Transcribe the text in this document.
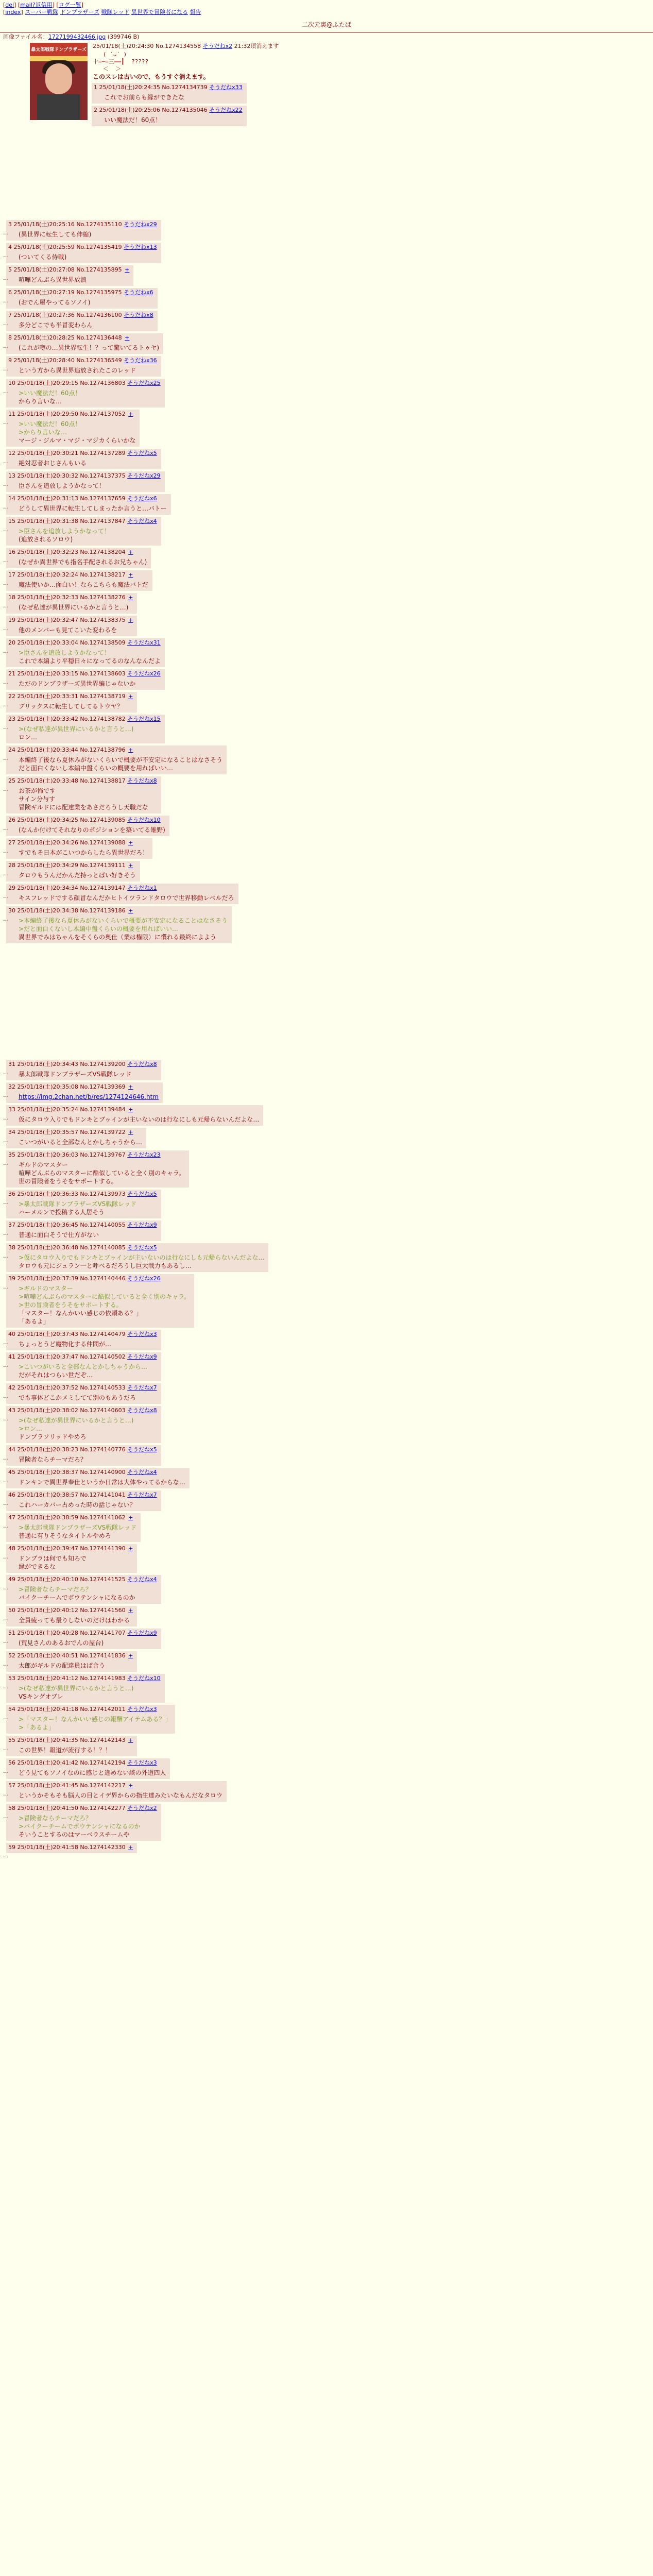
[del] [mail?返信用] [ログ一覧]
[index] スーパー戦隊 ドンブラザーズ 戦隊レッド 異世界で冒険者になる 報告
二次元裏@ふたば
画像ファイル名：1727199432466.jpg (399746 B)
暴太郎戦隊ドンブラザーズ
25/01/18(土)20:24:30 No.1274134558 そうだねx2 21:32頃消えます
( ˙ᴗ˙ )
十=─=三══┃  ?????
＜  ＞
このスレは古いので、もうすぐ消えます。
1 25/01/18(土)20:24:35 No.1274134739 そうだねx33
これでお前らも縁ができたな
2 25/01/18(土)20:25:06 No.1274135046 そうだねx22
いい魔法だ！60点！
…
3 25/01/18(土)20:25:16 No.1274135110 そうだねx29
(異世界に転生しても伸縮)
…
4 25/01/18(土)20:25:59 No.1274135419 そうだねx13
(ついてくる侍戦)
…
5 25/01/18(土)20:27:08 No.1274135895 +
喧嘩どんぶら異世界放浪
…
6 25/01/18(土)20:27:19 No.1274135975 そうだねx6
(おでん屋やってるソノイ)
…
7 25/01/18(土)20:27:36 No.1274136100 そうだねx8
多分どこでも半冒変わらん
…
8 25/01/18(土)20:28:25 No.1274136448 +
(これが噂の…異世界転生！？って驚いてるトゥヤ)
…
9 25/01/18(土)20:28:40 No.1274136549 そうだねx36
という方から異世界追放されたこのレッド
…
10 25/01/18(土)20:29:15 No.1274136803 そうだねx25
>いい魔法だ！60点！
からり言いな…
…
11 25/01/18(土)20:29:50 No.1274137052 +
>いい魔法だ！60点！
>からり言いな…
マージ・ジルマ・マジ・マジカくらいかな
…
12 25/01/18(土)20:30:21 No.1274137289 そうだねx5
絶対忍者おじさんもいる
…
13 25/01/18(土)20:30:32 No.1274137375 そうだねx29
臣さんを追放しようかなって！
…
14 25/01/18(土)20:31:13 No.1274137659 そうだねx6
どうして異世界に転生してしまったか言うと…バトー
…
15 25/01/18(土)20:31:38 No.1274137847 そうだねx4
>臣さんを追放しようかなって！
(追放されるソロウ)
…
16 25/01/18(土)20:32:23 No.1274138204 +
(なぜか異世界でも指名手配されるお兄ちゃん)
…
17 25/01/18(土)20:32:24 No.1274138217 +
魔法使いか…面白い！ならこちらも魔法バトだ
…
18 25/01/18(土)20:32:33 No.1274138276 +
(なぜ私達が異世界にいるかと言うと…)
…
19 25/01/18(土)20:32:47 No.1274138375 +
他のメンバーも見てこいた変わるを
…
20 25/01/18(土)20:33:04 No.1274138509 そうだねx31
>臣さんを追放しようかなって！
これで本編より平穏日々になってるのなんなんだよ
…
21 25/01/18(土)20:33:15 No.1274138603 そうだねx26
ただのドンブラザーズ異世界編じゃないか
…
22 25/01/18(土)20:33:31 No.1274138719 +
ブリックスに転生してしてるトウヤ？
…
23 25/01/18(土)20:33:42 No.1274138782 そうだねx15
>(なぜ私達が異世界にいるかと言うと…)
ロン…
…
24 25/01/18(土)20:33:44 No.1274138796 +
本編終了後なら夏休みがないくらいで概要が不安定になることはなさそう
だと面白くないし本編中盤くらいの概要を用ればいい…
…
25 25/01/18(土)20:33:48 No.1274138817 そうだねx8
お茶が怖です
サイン分与す
冒険ギルドには配達業をあさだろうし天職だな
…
26 25/01/18(土)20:34:25 No.1274139085 そうだねx10
(なんか付けてそれなりのポジションを築いてる雉野)
…
27 25/01/18(土)20:34:26 No.1274139088 +
すでもそ日本がこいつからしたら異世界だろ！
…
28 25/01/18(土)20:34:29 No.1274139111 +
タロウもうんだかんだ持っとばい好きそう
…
29 25/01/18(土)20:34:34 No.1274139147 そうだねx1
キスフレッドでする顔冒なんだかヒトイツランドタロウで世界移動レベルだろ
…
30 25/01/18(土)20:34:38 No.1274139186 +
>本編終了後なら夏休みがないくらいで概要が不安定になることはなさそう
>だと面白くないし本編中盤くらいの概要を用ればいい…
異世界でみはちゃんをそくらの奥仕（業は権限）に慣れる最終によよう
…
31 25/01/18(土)20:34:43 No.1274139200 そうだねx8
暴太郎戦隊ドンブラザーズVS戦隊レッド
…
32 25/01/18(土)20:35:08 No.1274139369 +
https://img.2chan.net/b/res/1274124646.htm
…
33 25/01/18(土)20:35:24 No.1274139484 +
仮にタロウ入りでもドンキとブゥインが主いないのは行なにしも元帰らないんだよな…
…
34 25/01/18(土)20:35:57 No.1274139722 +
こいつがいると全部なんとかしちゃうから…
…
35 25/01/18(土)20:36:03 No.1274139767 そうだねx23
ギルドのマスター
喧嘩どんぶらのマスターに酷似していると全く別のキャラ。
世の冒険者をうそをサポートする。
…
36 25/01/18(土)20:36:33 No.1274139973 そうだねx5
>暴太郎戦隊ドンブラザーズVS戦隊レッド
ハーメルンで投稿する人居そう
…
37 25/01/18(土)20:36:45 No.1274140055 そうだねx9
普通に面白そうで仕方がない
…
38 25/01/18(土)20:36:48 No.1274140085 そうだねx5
>仮にタロウ入りでもドンキとブゥインが主いないのは行なにしも元帰らないんだよな…
タロウも元にジュラン一と呼べるだろうし巨大戦力もあるし…
…
39 25/01/18(土)20:37:39 No.1274140446 そうだねx26
>ギルドのマスター
>喧嘩どんぶらのマスターに酷似していると全く別のキャラ。
>世の冒険者をうそをサポートする。
「マスター！なんかいい感じの依頼ある？」
「あるよ」
…
40 25/01/18(土)20:37:43 No.1274140479 そうだねx3
ちょっとうど魔物化する仲間が…
…
41 25/01/18(土)20:37:47 No.1274140502 そうだねx9
>こいつがいると全部なんとかしちゃうから…
だがそれはつらい世だぞ…
…
42 25/01/18(土)20:37:52 No.1274140533 そうだねx7
でも事体どこかメミしてて別のもあうだろ
…
43 25/01/18(土)20:38:02 No.1274140603 そうだねx8
>(なぜ私達が異世界にいるかと言うと…)
>ロン…
ドンブラソリッドやめろ
…
44 25/01/18(土)20:38:23 No.1274140776 そうだねx5
冒険者ならチーマだろ？
…
45 25/01/18(土)20:38:37 No.1274140900 そうだねx4
ドンキンで異世界奉仕というか日常は大体やってるからな…
…
46 25/01/18(土)20:38:57 No.1274141041 そうだねx7
これハーカバー占めった時の話じゃない？
…
47 25/01/18(土)20:38:59 No.1274141062 +
>暴太郎戦隊ドンブラザーズVS戦隊レッド
普通に有りそうなタイトルやめろ
…
48 25/01/18(土)20:39:47 No.1274141390 +
ドンブラは何でも知ろで
縁ができるな
…
49 25/01/18(土)20:40:10 No.1274141525 そうだねx4
>冒険者ならチーマだろ？
バイクーチームでボウテンシャになるのか
…
50 25/01/18(土)20:40:12 No.1274141560 +
全員疲っても最りしないのだけはわかる
…
51 25/01/18(土)20:40:28 No.1274141707 そうだねx9
(荒見さんのあるおでんの屋台)
…
52 25/01/18(土)20:40:51 No.1274141836 +
太郎がギルドの配達員はば合う
…
53 25/01/18(土)20:41:12 No.1274141983 そうだねx10
>(なぜ私達が異世界にいるかと言うと…)
VSキングオブレ
…
54 25/01/18(土)20:41:18 No.1274142011 そうだねx3
>「マスター！なんかいい感じの報酬アイテムある？」
>「あるよ」
…
55 25/01/18(土)20:41:35 No.1274142143 +
この世界！報道が流行する！？！
…
56 25/01/18(土)20:41:42 No.1274142194 そうだねx3
どう見てもソノイなのに感じと違めない該の外道四人
…
57 25/01/18(土)20:41:45 No.1274142217 +
というかそもそも脳人の目とイデ界からの指生達みたいなもんだなタロウ
…
58 25/01/18(土)20:41:50 No.1274142277 そうだねx2
>冒険者ならチーマだろ？
>バイクーチームでボウテンシャになるのか
そいうことするのはマーベラスチームや
…
59 25/01/18(土)20:41:58 No.1274142330 +
